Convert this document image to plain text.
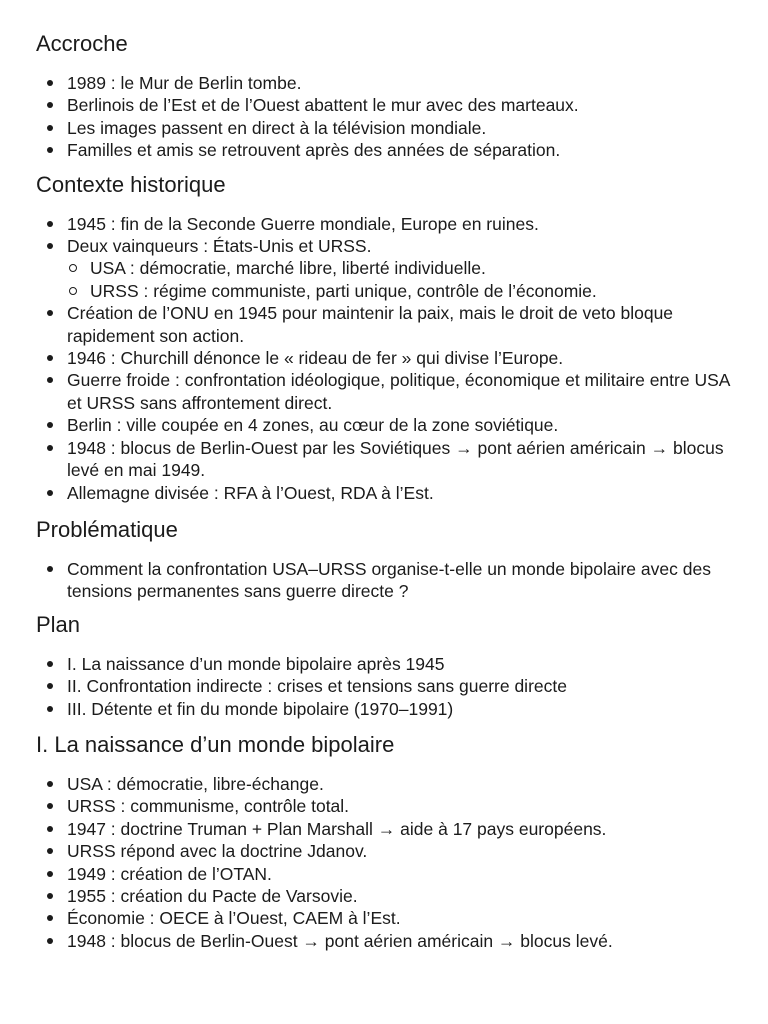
Accroche
1989 : le Mur de Berlin tombe.
Berlinois de l’Est et de l’Ouest abattent le mur avec des marteaux.
Les images passent en direct à la télévision mondiale.
Familles et amis se retrouvent après des années de séparation.
Contexte historique
1945 : fin de la Seconde Guerre mondiale, Europe en ruines.
Deux vainqueurs : États-Unis et URSS.
USA : démocratie, marché libre, liberté individuelle.
URSS : régime communiste, parti unique, contrôle de l’économie.
Création de l’ONU en 1945 pour maintenir la paix, mais le droit de veto bloque rapidement son action.
1946 : Churchill dénonce le « rideau de fer » qui divise l’Europe.
Guerre froide : confrontation idéologique, politique, économique et militaire entre USA et URSS sans affrontement direct.
Berlin : ville coupée en 4 zones, au cœur de la zone soviétique.
1948 : blocus de Berlin-Ouest par les Soviétiques → pont aérien américain → blocus levé en mai 1949.
Allemagne divisée : RFA à l’Ouest, RDA à l’Est.
Problématique
Comment la confrontation USA–URSS organise-t-elle un monde bipolaire avec des tensions permanentes sans guerre directe ?
Plan
I. La naissance d’un monde bipolaire après 1945
II. Confrontation indirecte : crises et tensions sans guerre directe
III. Détente et fin du monde bipolaire (1970–1991)
I. La naissance d’un monde bipolaire
USA : démocratie, libre-échange.
URSS : communisme, contrôle total.
1947 : doctrine Truman + Plan Marshall → aide à 17 pays européens.
URSS répond avec la doctrine Jdanov.
1949 : création de l’OTAN.
1955 : création du Pacte de Varsovie.
Économie : OECE à l’Ouest, CAEM à l’Est.
1948 : blocus de Berlin-Ouest → pont aérien américain → blocus levé.
